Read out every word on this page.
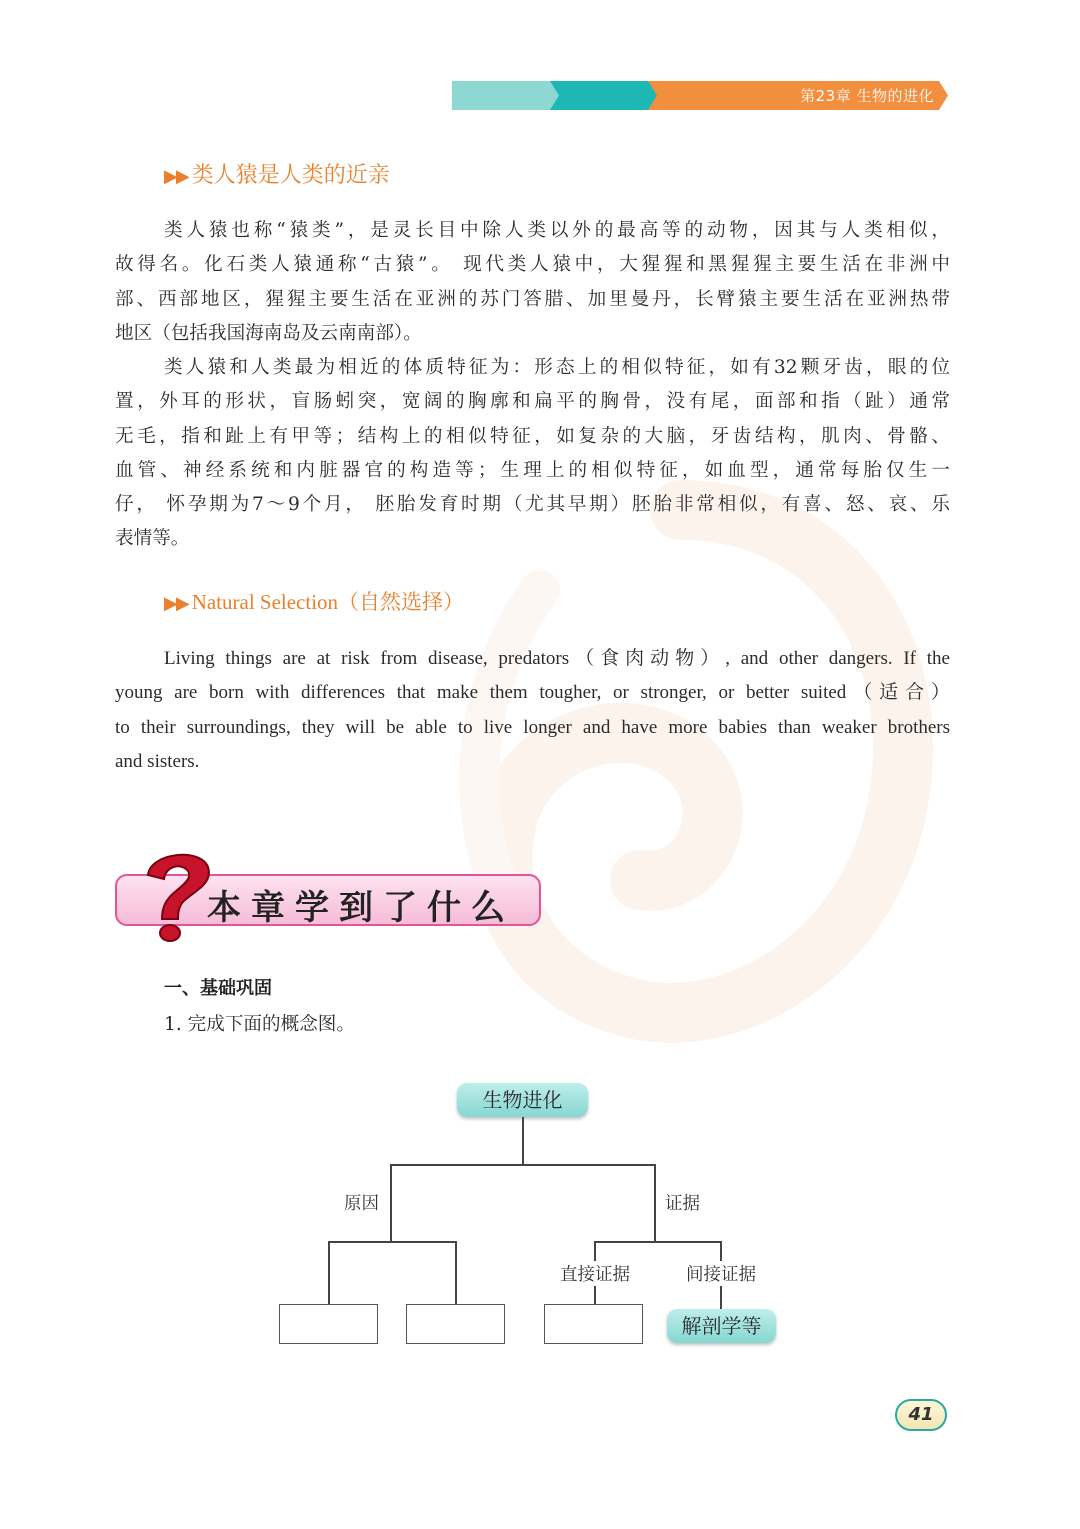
第23章 生物的进化
▶▶ 类人猿是人类的近亲
类人猿也称“猿类”，是灵长目中除人类以外的最高等的动物，因其与人类相似，
故得名。化石类人猿通称“古猿”。 现代类人猿中，大猩猩和黑猩猩主要生活在非洲中
部、西部地区，猩猩主要生活在亚洲的苏门答腊、加里曼丹，长臂猿主要生活在亚洲热带
地区（包括我国海南岛及云南南部）。
类人猿和人类最为相近的体质特征为：形态上的相似特征，如有32颗牙齿，眼的位
置，外耳的形状，盲肠蚓突，宽阔的胸廓和扁平的胸骨，没有尾，面部和指（趾）通常
无毛，指和趾上有甲等；结构上的相似特征，如复杂的大脑，牙齿结构，肌肉、骨骼、
血管、神经系统和内脏器官的构造等；生理上的相似特征，如血型，通常每胎仅生一
仔， 怀孕期为7～9个月， 胚胎发育时期（尤其早期）胚胎非常相似，有喜、怒、哀、乐
表情等。
▶▶ Natural Selection（自然选择）
Living things are at risk from disease, predators（食肉动物）, and other dangers. If the
young are born with differences that make them tougher, or stronger, or better suited（适合）
to their surroundings, they will be able to live longer and have more babies than weaker brothers
and sisters.
本章学到了什么
一、基础巩固
1. 完成下面的概念图。
生物进化
原因	证据
直接证据	间接证据
解剖学等
41
